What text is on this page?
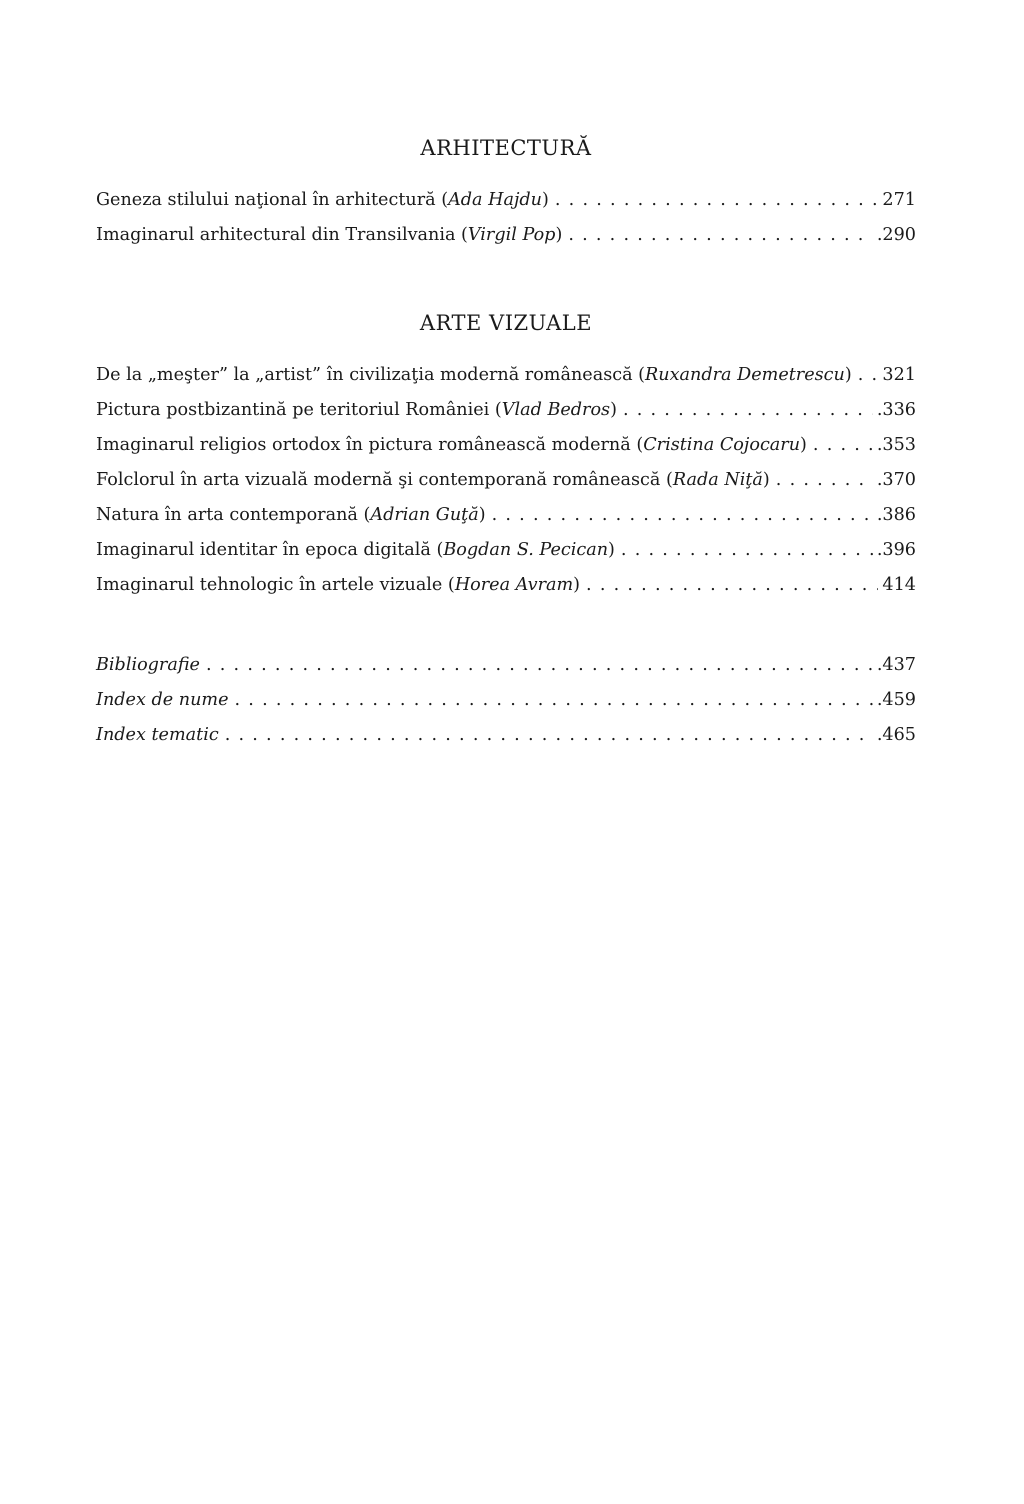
ARHITECTURĂ
Geneza stilului naţional în arhitectură (Ada Hajdu) . . .	271
Imaginarul arhitectural din Transilvania (Virgil Pop) . . .	.290
ARTE VIZUALE
De la „meşter” la „artist” în civilizaţia modernă românească (Ruxandra Demetrescu) . . . 321
Pictura postbizantină pe teritoriul României (Vlad Bedros) . . .	.336
Imaginarul religios ortodox în pictura românească modernă (Cristina Cojocaru) . . .	.353
Folclorul în arta vizuală modernă şi contemporană românească (Rada Niţă) . . .	.370
Natura în arta contemporană (Adrian Guţă) . . .	.386
Imaginarul identitar în epoca digitală (Bogdan S. Pecican) . . .	.396
Imaginarul tehnologic în artele vizuale (Horea Avram) . . .	414
Bibliografie . . .	.437
Index de nume . . .	.459
Index tematic . . .	.465
